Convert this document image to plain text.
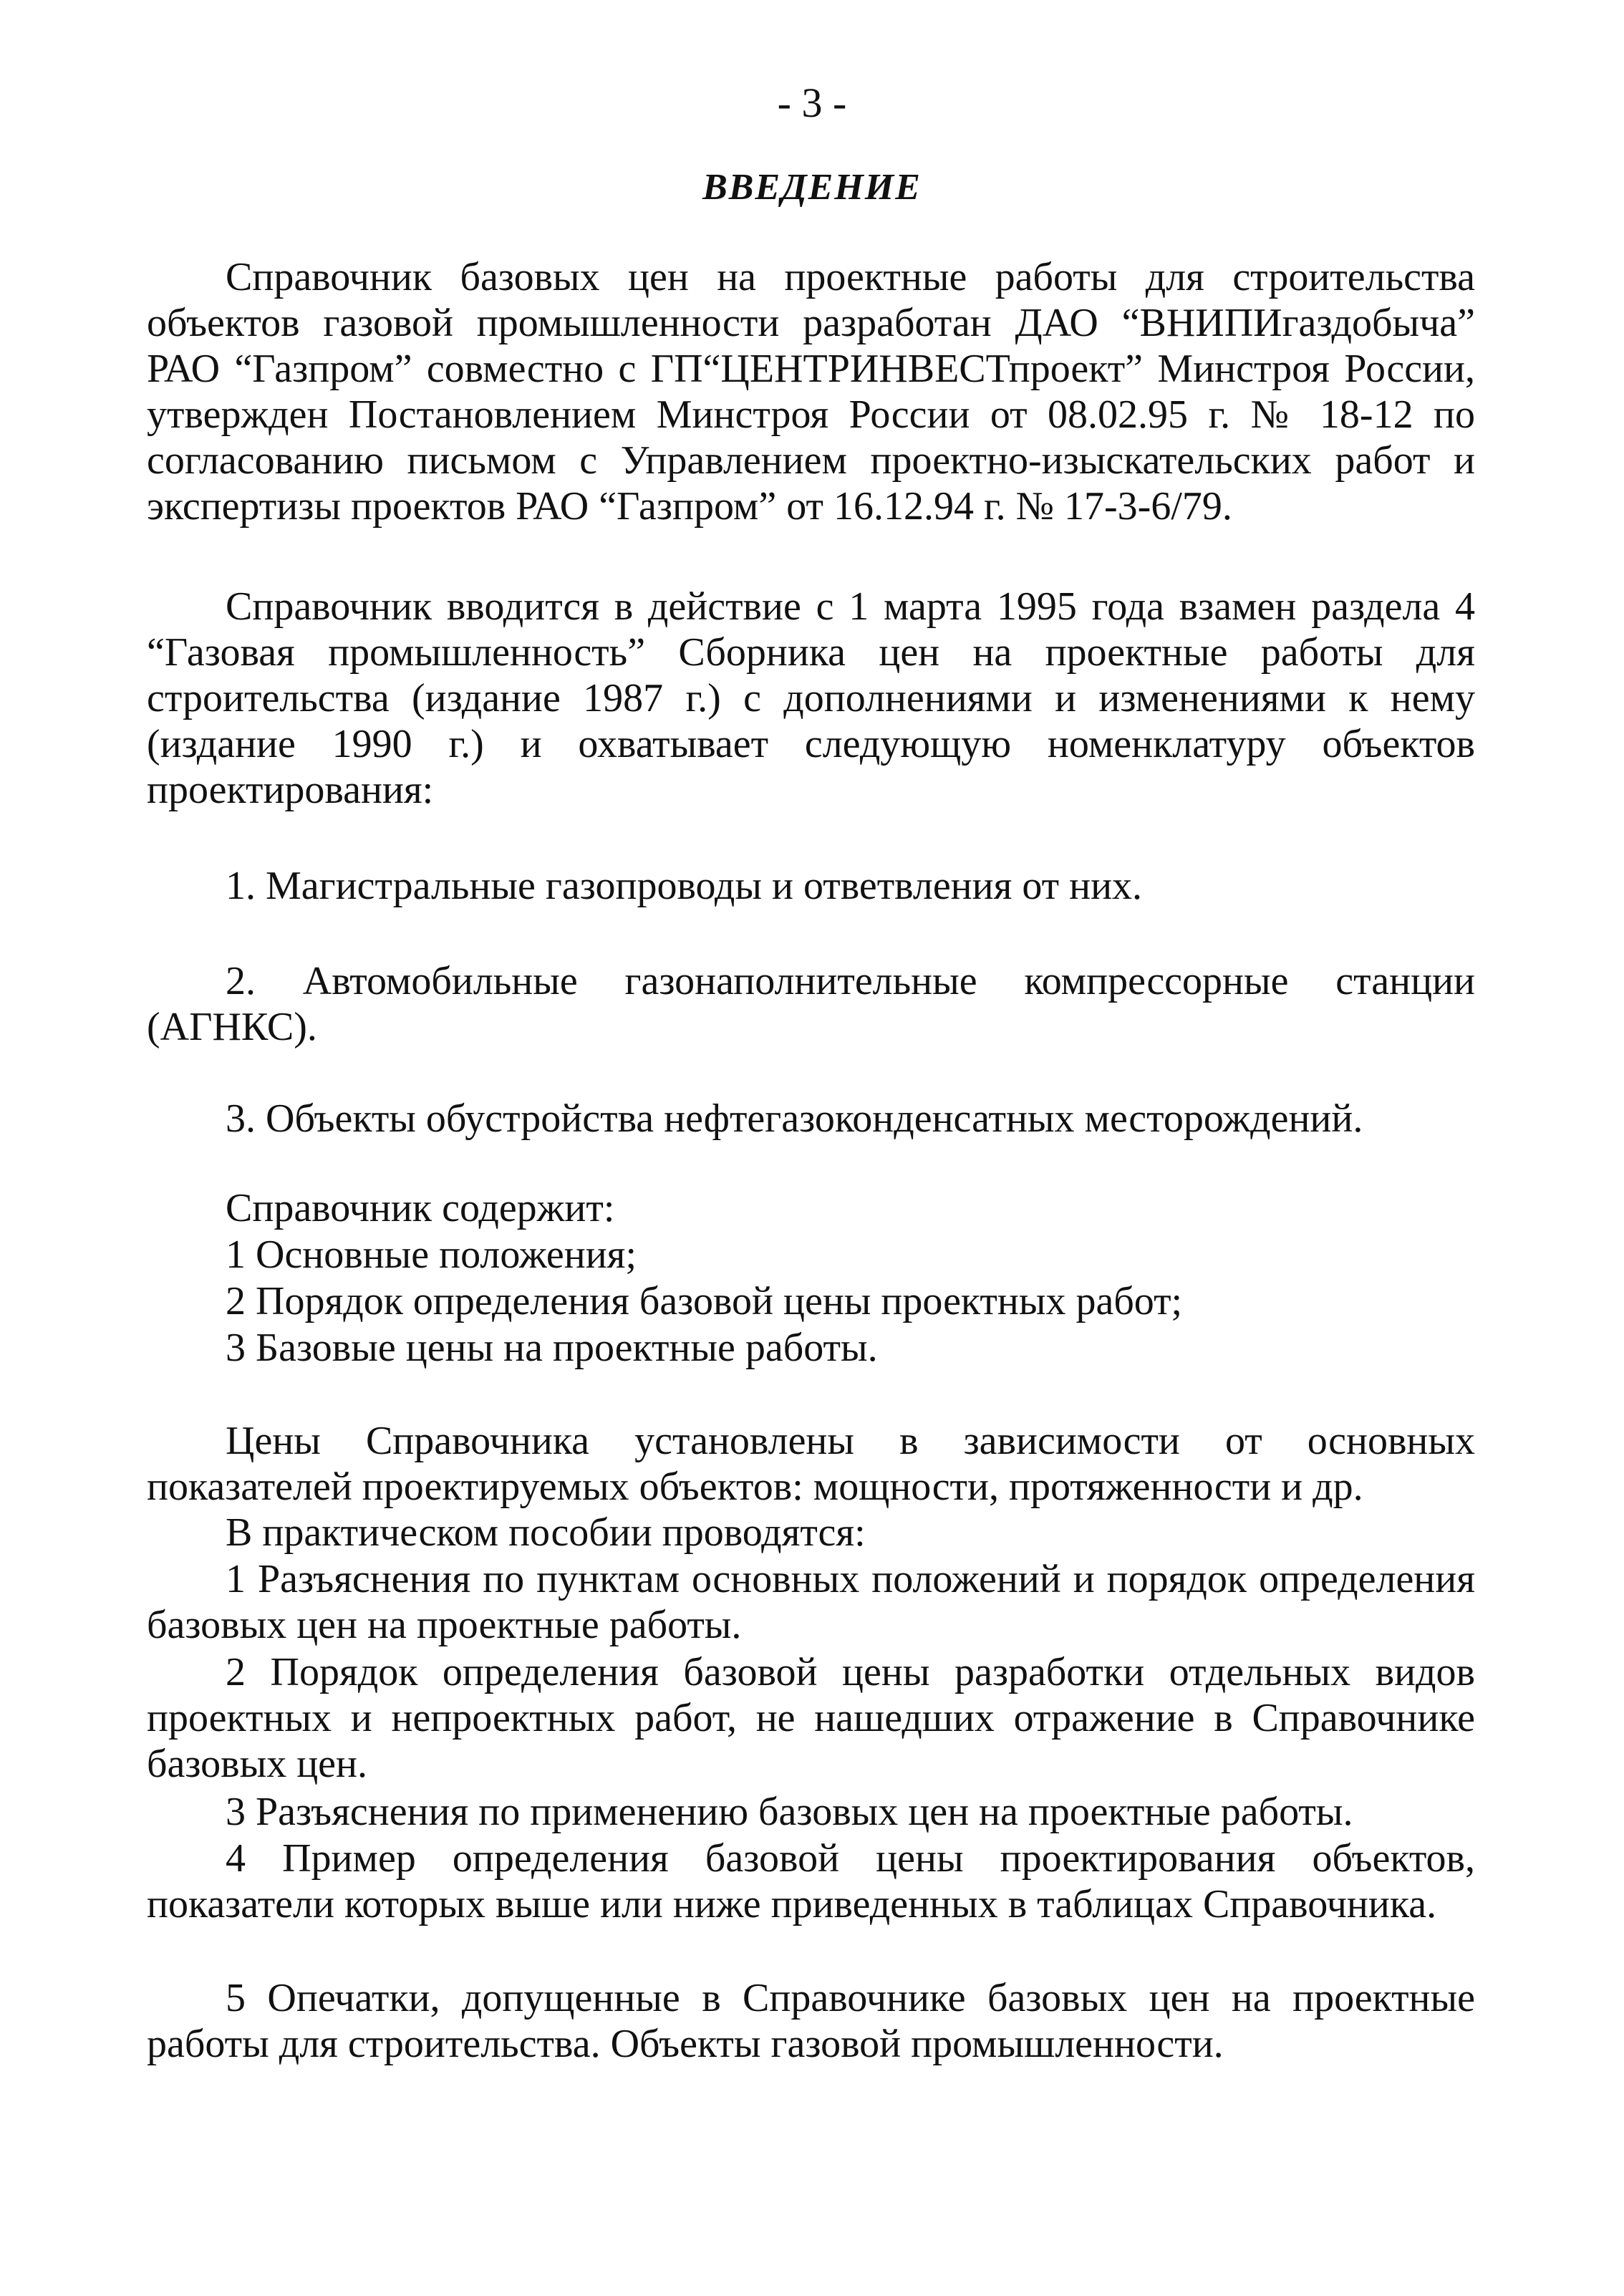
- 3 -
ВВЕДЕНИЕ

Справочник базовых цен на проектные работы для строительства объектов газовой промышленности разработан ДАО “ВНИПИгаздобыча” РАО “Газпром” совместно с ГП“ЦЕНТРИНВЕСТпроект” Минстроя России, утвержден Постановлением Минстроя России от 08.02.95 г. № 18-12 по согласованию письмом с Управлением проектно-изыскательских работ и экспертизы проектов РАО “Газпром” от 16.12.94 г. № 17-3-6/79.

Справочник вводится в действие с 1 марта 1995 года взамен раздела 4 “Газовая промышленность” Сборника цен на проектные работы для строительства (издание 1987 г.) с дополнениями и изменениями к нему (издание 1990 г.) и охватывает следующую номенклатуру объектов проектирования:

1. Магистральные газопроводы и ответвления от них.

2. Автомобильные газонаполнительные компрессорные станции (АГНКС).

3. Объекты обустройства нефтегазоконденсатных месторождений.

Справочник содержит:

1 Основные положения;

2 Порядок определения базовой цены проектных работ;

3 Базовые цены на проектные работы.

Цены Справочника установлены в зависимости от основных показателей проектируемых объектов: мощности, протяженности и др.

В практическом пособии проводятся:

1 Разъяснения по пунктам основных положений и порядок определения базовых цен на проектные работы.

2 Порядок определения базовой цены разработки отдельных видов проектных и непроектных работ, не нашедших отражение в Справочнике базовых цен.

3 Разъяснения по применению базовых цен на проектные работы.

4 Пример определения базовой цены проектирования объектов, показатели которых выше или ниже приведенных в таблицах Справочника.

5 Опечатки, допущенные в Справочнике базовых цен на проектные работы для строительства. Объекты газовой промышленности.
